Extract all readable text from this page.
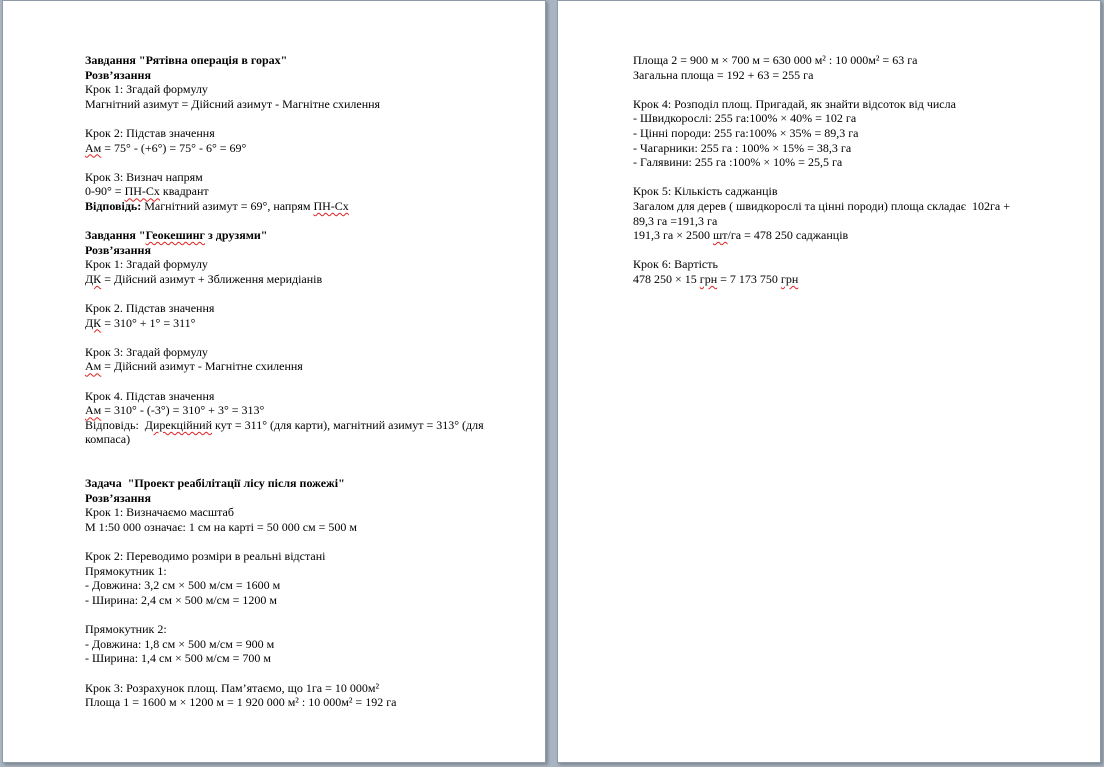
Завдання "Рятівна операція в горах"
Розв’язання
Крок 1: Згадай формулу
Магнітний азимут = Дійсний азимут - Магнітне схилення
Крок 2: Підстав значення
Ам = 75° - (+6°) = 75° - 6° = 69°
Крок 3: Визнач напрям
0-90° = ПН-Сх квадрант
Відповідь: Магнітний азимут = 69°, напрям ПН-Сх
Завдання "Геокешинг з друзями"
Розв’язання
Крок 1: Згадай формулу
ДК = Дійсний азимут + Зближення меридіанів
Крок 2. Підстав значення
ДК = 310° + 1° = 311°
Крок 3: Згадай формулу
Ам = Дійсний азимут - Магнітне схилення
Крок 4. Підстав значення
Ам = 310° - (-3°) = 310° + 3° = 313°
Відповідь:  Дирекційний кут = 311° (для карти), магнітний азимут = 313° (для
компаса)
Задача  "Проект реабілітації лісу після пожежі"
Розв’язання
Крок 1: Визначаємо масштаб
М 1:50 000 означає: 1 см на карті = 50 000 см = 500 м
Крок 2: Переводимо розміри в реальні відстані
Прямокутник 1:
- Довжина: 3,2 см × 500 м/см = 1600 м
- Ширина: 2,4 см × 500 м/см = 1200 м
Прямокутник 2:
- Довжина: 1,8 см × 500 м/см = 900 м
- Ширина: 1,4 см × 500 м/см = 700 м
Крок 3: Розрахунок площ. Пам’ятаємо, що 1га = 10 000м²
Площа 1 = 1600 м × 1200 м = 1 920 000 м² : 10 000м² = 192 га
Площа 2 = 900 м × 700 м = 630 000 м² : 10 000м² = 63 га
Загальна площа = 192 + 63 = 255 га
Крок 4: Розподіл площ. Пригадай, як знайти відсоток від числа
- Швидкорослі: 255 га:100% × 40% = 102 га
- Цінні породи: 255 га:100% × 35% = 89,3 га
- Чагарники: 255 га : 100% × 15% = 38,3 га
- Галявини: 255 га :100% × 10% = 25,5 га
Крок 5: Кількість саджанців
Загалом для дерев ( швидкорослі та цінні породи) площа складає  102га +
89,3 га =191,3 га
191,3 га × 2500 шт/га = 478 250 саджанців
Крок 6: Вартість
478 250 × 15 грн = 7 173 750 грн
